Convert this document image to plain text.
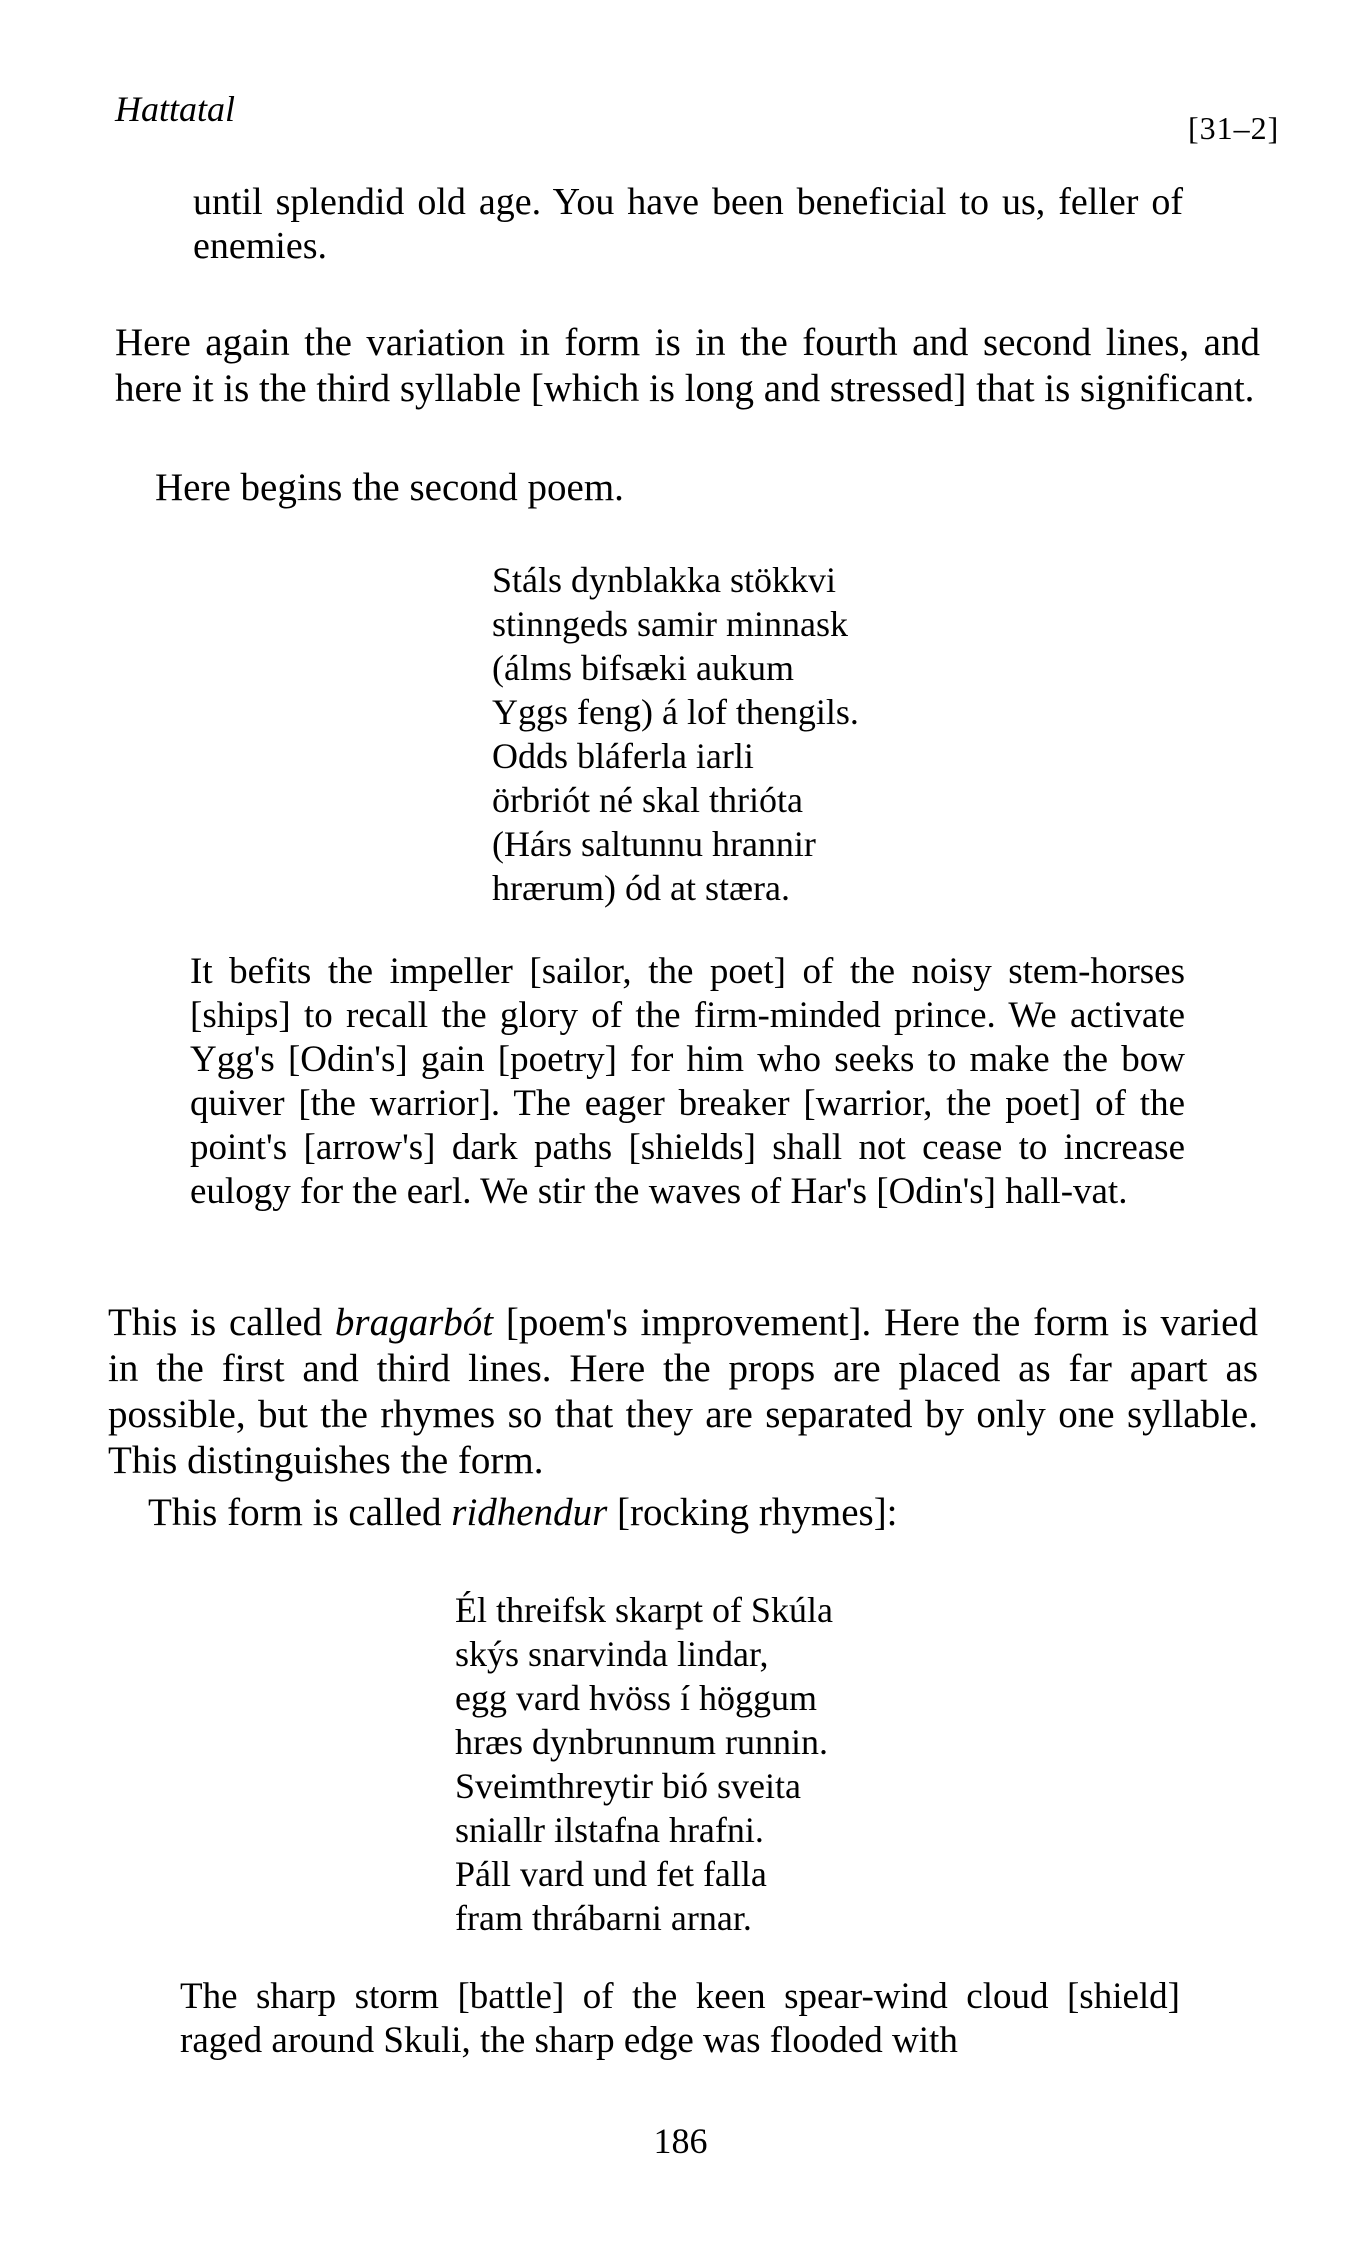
Hattatal	[31–2]

until splendid old age. You have been beneficial to us, feller of enemies.

Here again the variation in form is in the fourth and second lines, and here it is the third syllable [which is long and stressed] that is significant.

Here begins the second poem.

Stáls dynblakka stökkvi
stinngeds samir minnask
(álms bifsæki aukum
Yggs feng) á lof thengils.
Odds bláferla iarli
örbriót né skal thrióta
(Hárs saltunnu hrannir
hrærum) ód at stæra.

It befits the impeller [sailor, the poet] of the noisy stem-horses [ships] to recall the glory of the firm-minded prince. We activate Ygg's [Odin's] gain [poetry] for him who seeks to make the bow quiver [the warrior]. The eager breaker [warrior, the poet] of the point's [arrow's] dark paths [shields] shall not cease to increase eulogy for the earl. We stir the waves of Har's [Odin's] hall-vat.

This is called bragarbót [poem's improvement]. Here the form is varied in the first and third lines. Here the props are placed as far apart as possible, but the rhymes so that they are separated by only one syllable. This distinguishes the form.

This form is called ridhendur [rocking rhymes]:

Él threifsk skarpt of Skúla
skýs snarvinda lindar,
egg vard hvöss í höggum
hræs dynbrunnum runnin.
Sveimthreytir bió sveita
sniallr ilstafna hrafni.
Páll vard und fet falla
fram thrábarni arnar.

The sharp storm [battle] of the keen spear-wind cloud [shield] raged around Skuli, the sharp edge was flooded with

186
